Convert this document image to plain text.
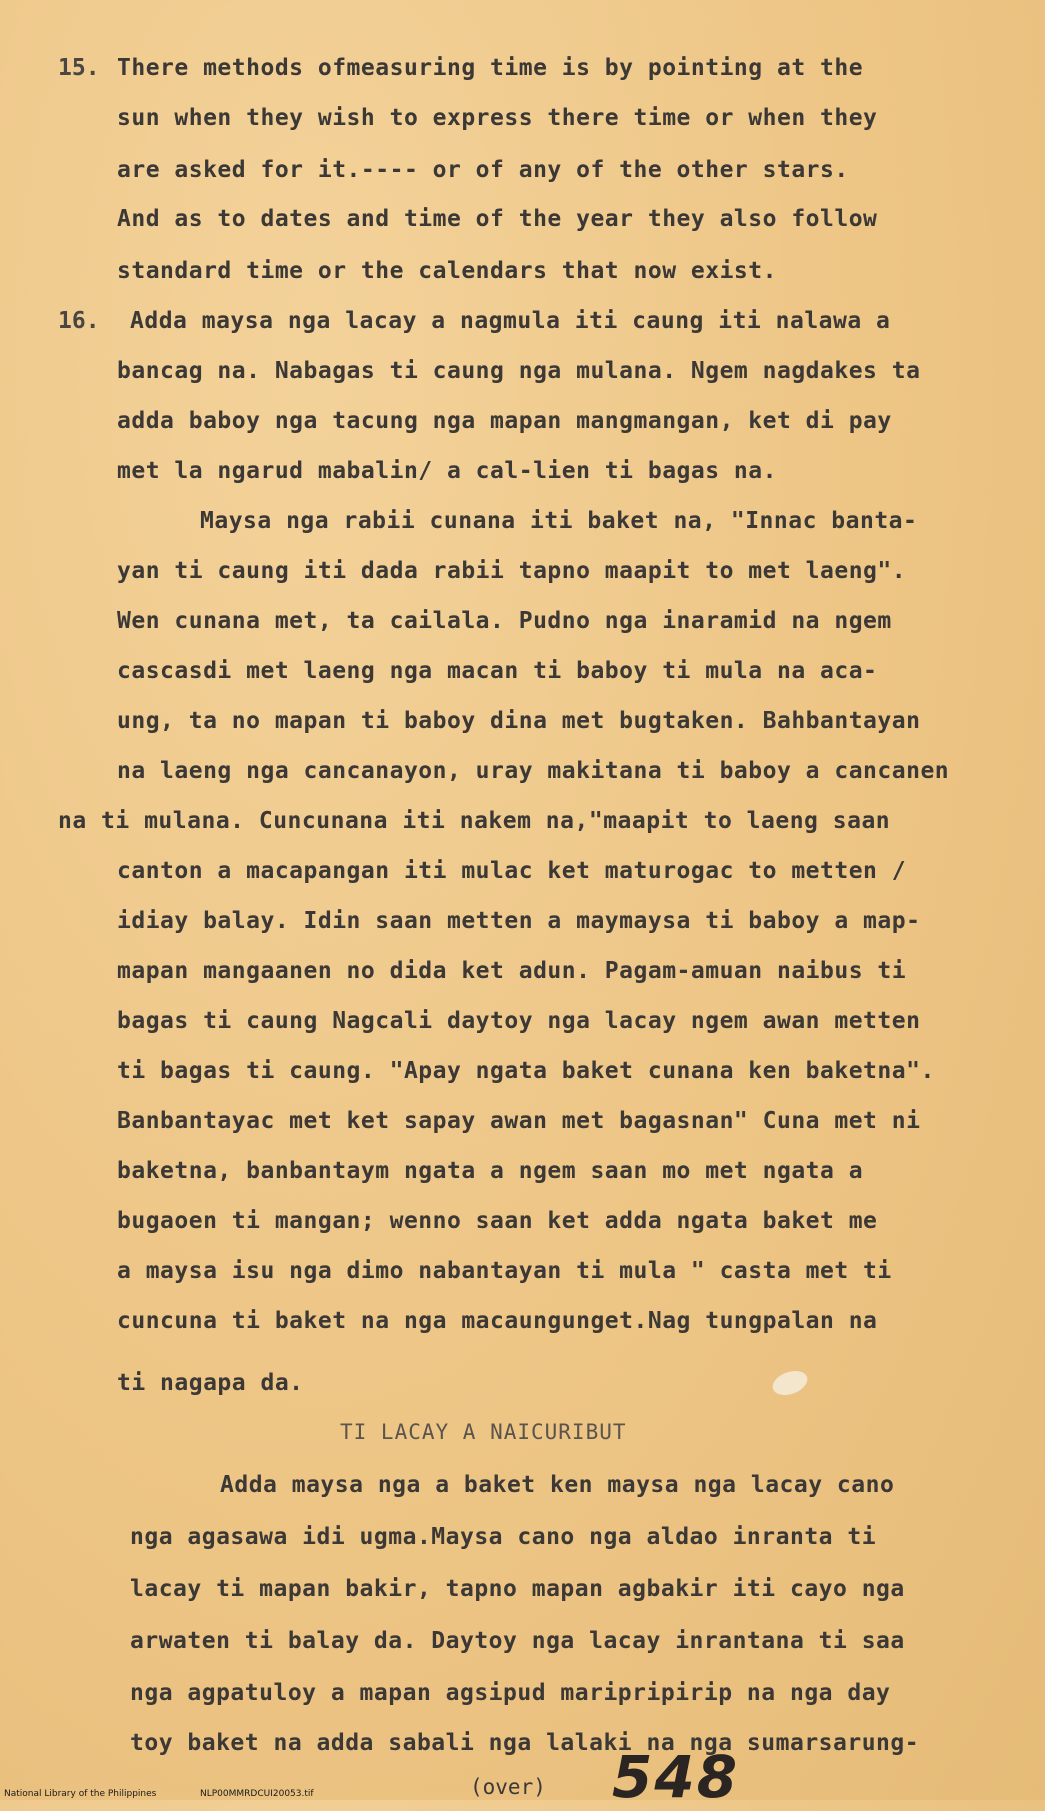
15. There methods ofmeasuring time is by pointing at the
sun when they wish to express there time or when they
are asked for it.---- or of any of the other stars.
And as to dates and time of the year they also follow
standard time or the calendars that now exist.
16. Adda maysa nga lacay a nagmula iti caung iti nalawa a
bancag na. Nabagas ti caung nga mulana. Ngem nagdakes ta
adda baboy nga tacung nga mapan mangmangan, ket di pay
met la ngarud mabalin/ a cal-lien ti bagas na.
Maysa nga rabii cunana iti baket na, "Innac banta-
yan ti caung iti dada rabii tapno maapit to met laeng".
Wen cunana met, ta cailala. Pudno nga inaramid na ngem
cascasdi met laeng nga macan ti baboy ti mula na aca-
ung, ta no mapan ti baboy dina met bugtaken. Bahbantayan
na laeng nga cancanayon, uray makitana ti baboy a cancanen
na ti mulana. Cuncunana iti nakem na,"maapit to laeng saan
canton a macapangan iti mulac ket maturogac to metten /
idiay balay. Idin saan metten a maymaysa ti baboy a map-
mapan mangaanen no dida ket adun. Pagam-amuan naibus ti
bagas ti caung Nagcali daytoy nga lacay ngem awan metten
ti bagas ti caung. "Apay ngata baket cunana ken baketna".
Banbantayac met ket sapay awan met bagasnan" Cuna met ni
baketna, banbantaym ngata a ngem saan mo met ngata a
bugaoen ti mangan; wenno saan ket adda ngata baket me
a maysa isu nga dimo nabantayan ti mula " casta met ti
cuncuna ti baket na nga macaungunget.Nag tungpalan na
ti nagapa da.
TI LACAY A NAICURIBUT
Adda maysa nga a baket ken maysa nga lacay cano
nga agasawa idi ugma.Maysa cano nga aldao inranta ti
lacay ti mapan bakir, tapno mapan agbakir iti cayo nga
arwaten ti balay da. Daytoy nga lacay inrantana ti saa
nga agpatuloy a mapan agsipud maripripirip na nga day
toy baket na adda sabali nga lalaki na nga sumarsarung-
(over) 548
National Library of the Philippines	NLP00MMRDCUI20053.tif
